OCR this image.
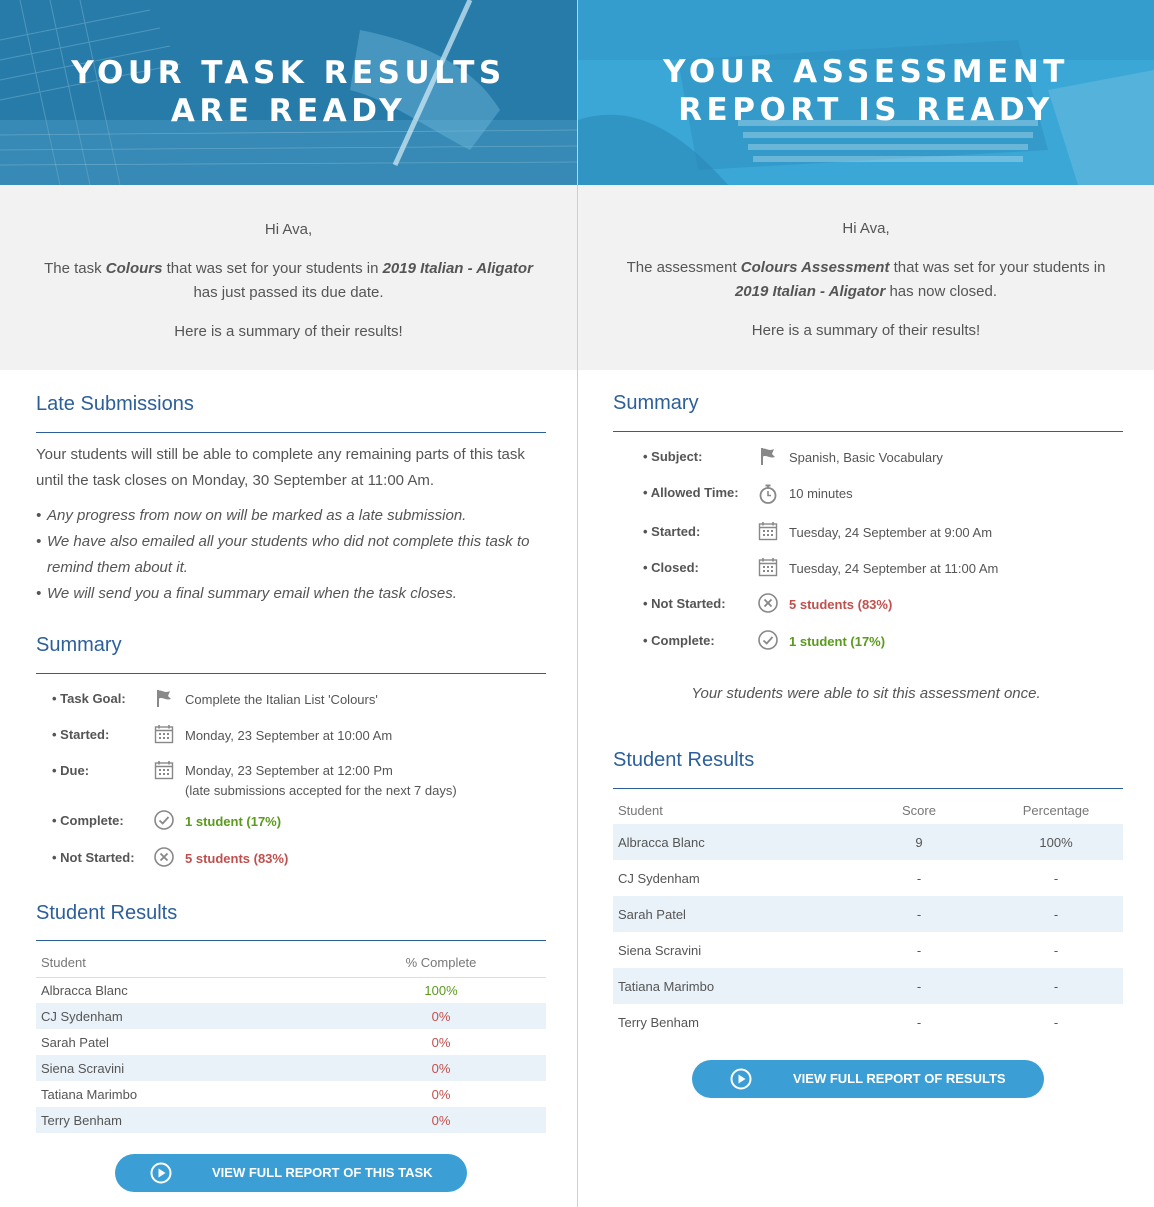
YOUR TASK RESULTS
ARE READY

Hi Ava,

The task Colours that was set for your students in 2019 Italian - Aligator

has just passed its due date.

Here is a summary of their results!

Late Submissions
Your students will still be able to complete any remaining parts of this task
until the task closes on Monday, 30 September at 11:00 Am.
• Any progress from now on will be marked as a late submission.
• We have also emailed all your students who did not complete this task to
remind them about it.
• We will send you a final summary email when the task closes.
Summary
• Task Goal:	Complete the Italian List 'Colours'
• Started:	Monday, 23 September at 10:00 Am
• Due:	Monday, 23 September at 12:00 Pm
(late submissions accepted for the next 7 days)
• Complete:	1 student (17%)
• Not Started:	5 students (83%)
Student Results
Student	% Complete
Albracca Blanc	100%
CJ Sydenham	0%
Sarah Patel	0%
Siena Scravini	0%
Tatiana Marimbo	0%
Terry Benham	0%
VIEW FULL REPORT OF THIS TASK
YOUR ASSESSMENT
REPORT IS READY

Hi Ava,

The assessment Colours Assessment that was set for your students in

2019 Italian - Aligator has now closed.

Here is a summary of their results!

Summary
• Subject:	Spanish, Basic Vocabulary
• Allowed Time:	10 minutes
• Started:	Tuesday, 24 September at 9:00 Am
• Closed:	Tuesday, 24 September at 11:00 Am
• Not Started:	5 students (83%)
• Complete:	1 student (17%)
Your students were able to sit this assessment once.
Student Results
Student	Score	Percentage
Albracca Blanc	9	100%
CJ Sydenham	-	-
Sarah Patel	-	-
Siena Scravini	-	-
Tatiana Marimbo	-	-
Terry Benham	-	-
VIEW FULL REPORT OF RESULTS
